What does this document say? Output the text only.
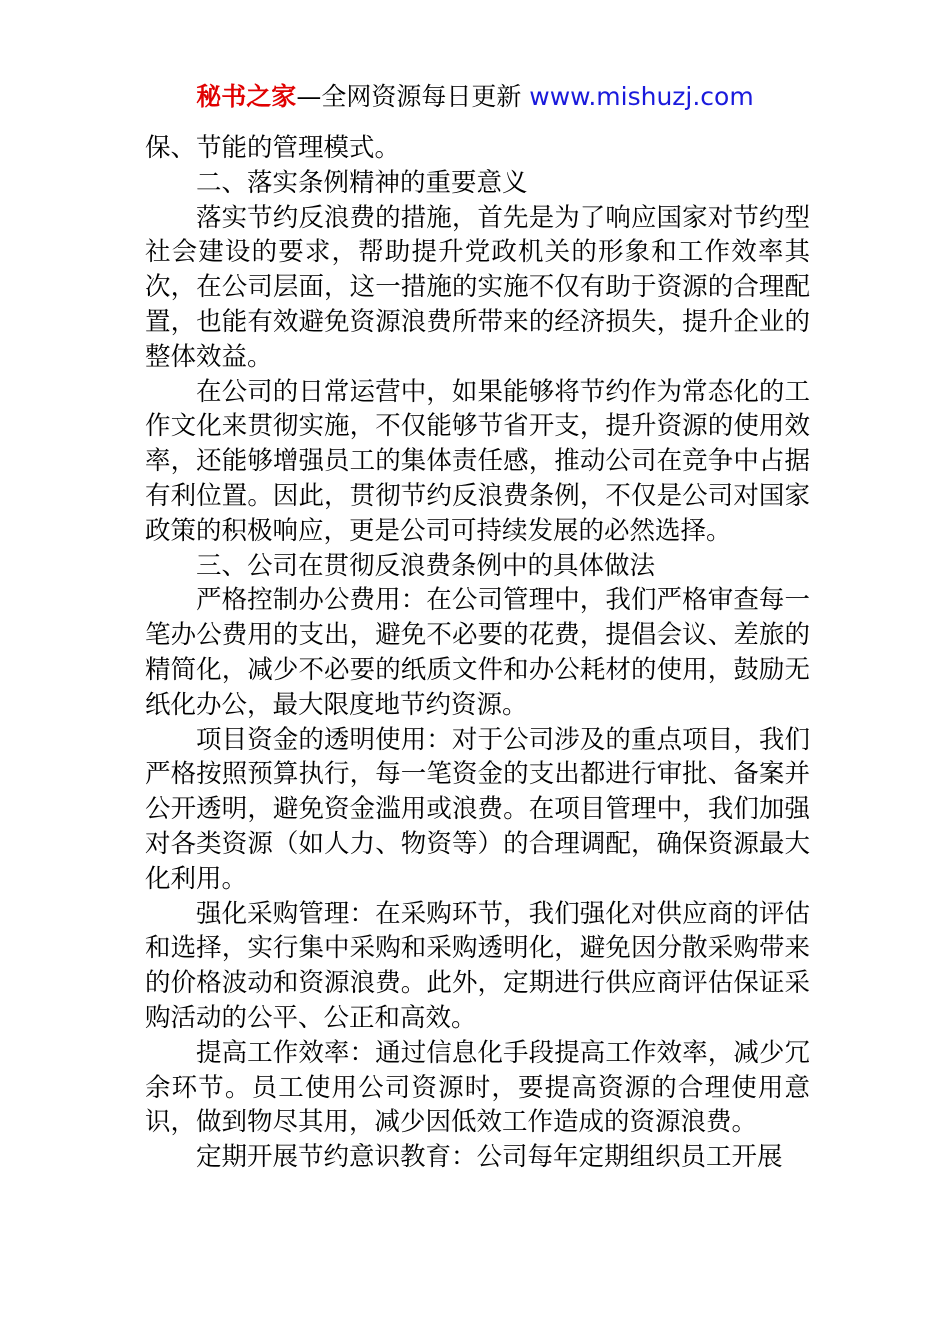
秘书之家—全网资源每日更新 www.mishuzj.com

保、节能的管理模式。

二、落实条例精神的重要意义

落实节约反浪费的措施，首先是为了响应国家对节约型社会建设的要求，帮助提升党政机关的形象和工作效率其次，在公司层面，这一措施的实施不仅有助于资源的合理配置，也能有效避免资源浪费所带来的经济损失，提升企业的整体效益。

在公司的日常运营中，如果能够将节约作为常态化的工作文化来贯彻实施，不仅能够节省开支，提升资源的使用效率，还能够增强员工的集体责任感，推动公司在竞争中占据有利位置。因此，贯彻节约反浪费条例，不仅是公司对国家政策的积极响应，更是公司可持续发展的必然选择。

三、公司在贯彻反浪费条例中的具体做法

严格控制办公费用：在公司管理中，我们严格审查每一笔办公费用的支出，避免不必要的花费，提倡会议、差旅的精简化，减少不必要的纸质文件和办公耗材的使用，鼓励无纸化办公，最大限度地节约资源。

项目资金的透明使用：对于公司涉及的重点项目，我们严格按照预算执行，每一笔资金的支出都进行审批、备案并公开透明，避免资金滥用或浪费。在项目管理中，我们加强对各类资源（如人力、物资等）的合理调配，确保资源最大化利用。

强化采购管理：在采购环节，我们强化对供应商的评估和选择，实行集中采购和采购透明化，避免因分散采购带来的价格波动和资源浪费。此外，定期进行供应商评估保证采购活动的公平、公正和高效。

提高工作效率：通过信息化手段提高工作效率，减少冗余环节。员工使用公司资源时，要提高资源的合理使用意识，做到物尽其用，减少因低效工作造成的资源浪费。

定期开展节约意识教育：公司每年定期组织员工开展
